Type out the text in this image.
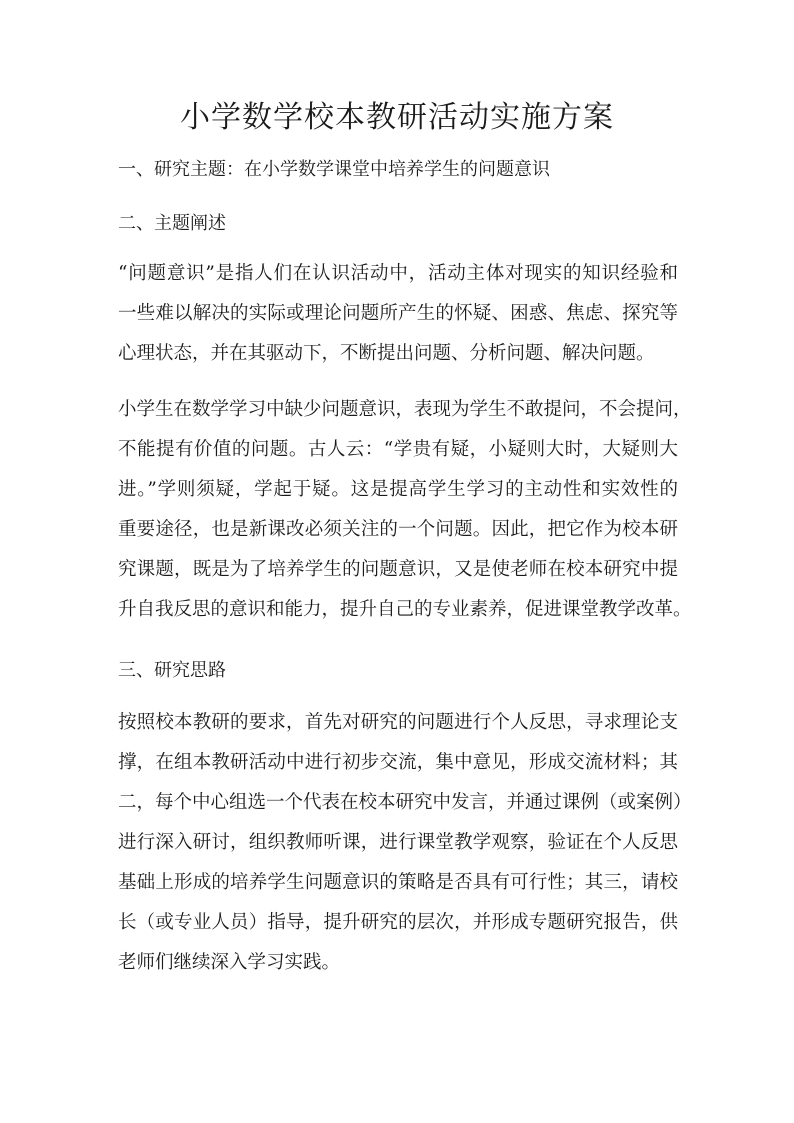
小学数学校本教研活动实施方案
一、研究主题：在小学数学课堂中培养学生的问题意识
二、主题阐述
“问题意识”是指人们在认识活动中，活动主体对现实的知识经验和
一些难以解决的实际或理论问题所产生的怀疑、困惑、焦虑、探究等
心理状态，并在其驱动下，不断提出问题、分析问题、解决问题。
小学生在数学学习中缺少问题意识，表现为学生不敢提问，不会提问，
不能提有价值的问题。古人云：“学贵有疑，小疑则大时，大疑则大
进。”学则须疑，学起于疑。这是提高学生学习的主动性和实效性的
重要途径，也是新课改必须关注的一个问题。因此，把它作为校本研
究课题，既是为了培养学生的问题意识，又是使老师在校本研究中提
升自我反思的意识和能力，提升自己的专业素养，促进课堂教学改革。
三、研究思路
按照校本教研的要求，首先对研究的问题进行个人反思，寻求理论支
撑，在组本教研活动中进行初步交流，集中意见，形成交流材料；其
二，每个中心组选一个代表在校本研究中发言，并通过课例（或案例）
进行深入研讨，组织教师听课，进行课堂教学观察，验证在个人反思
基础上形成的培养学生问题意识的策略是否具有可行性；其三，请校
长（或专业人员）指导，提升研究的层次，并形成专题研究报告，供
老师们继续深入学习实践。
